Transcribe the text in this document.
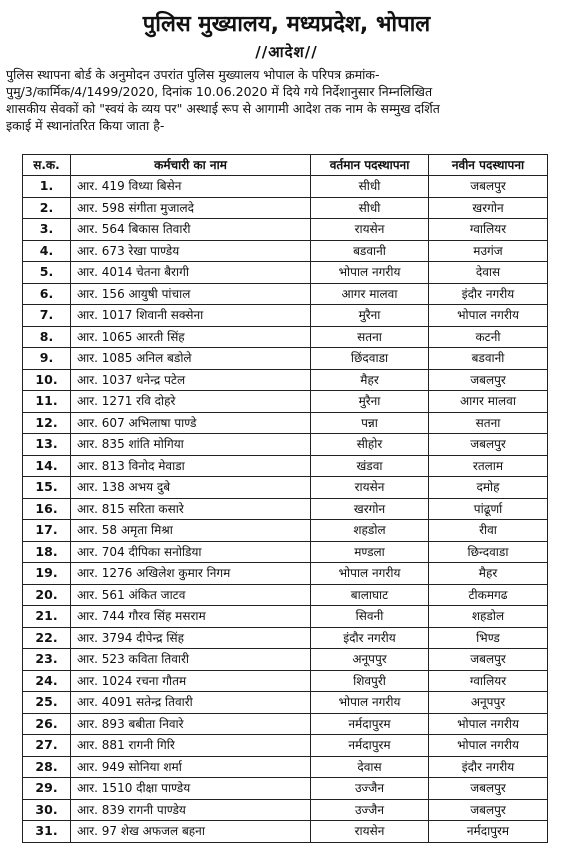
पुलिस मुख्यालय, मध्यप्रदेश, भोपाल
//आदेश//
पुलिस स्थापना बोर्ड के अनुमोदन उपरांत पुलिस मुख्यालय भोपाल के परिपत्र क्रमांक-
पुमु/3/कार्मिक/4/1499/2020, दिनांक 10.06.2020 में दिये गये निर्देशानुसार निम्नलिखित
शासकीय सेवकों को "स्वयं के व्यय पर" अस्थाई रूप से आगामी आदेश तक नाम के सम्मुख दर्शित
इकाई में स्थानांतरित किया जाता है-
स.क.	कर्मचारी का नाम	वर्तमान पदस्थापना	नवीन पदस्थापना
1.	आर. 419 विध्या बिसेन	सीधी	जबलपुर
2.	आर. 598 संगीता मुजालदे	सीधी	खरगोन
3.	आर. 564 बिकास तिवारी	रायसेन	ग्वालियर
4.	आर. 673 रेखा पाण्डेय	बडवानी	मउगंज
5.	आर. 4014 चेतना बैरागी	भोपाल नगरीय	देवास
6.	आर. 156 आयुषी पांचाल	आगर मालवा	इंदौर नगरीय
7.	आर. 1017 शिवानी सक्सेना	मुरैना	भोपाल नगरीय
8.	आर. 1065 आरती सिंह	सतना	कटनी
9.	आर. 1085 अनिल बडोले	छिंदवाडा	बडवानी
10.	आर. 1037 धनेन्द्र पटेल	मैहर	जबलपुर
11.	आर. 1271 रवि दोहरे	मुरैना	आगर मालवा
12.	आर. 607 अभिलाषा पाण्डे	पन्ना	सतना
13.	आर. 835 शांति मोगिया	सीहोर	जबलपुर
14.	आर. 813 विनोद मेवाडा	खंडवा	रतलाम
15.	आर. 138 अभय दुबे	रायसेन	दमोह
16.	आर. 815 सरिता कसारे	खरगोन	पांढूर्णा
17.	आर. 58 अमृता मिश्रा	शहडोल	रीवा
18.	आर. 704 दीपिका सनोडिया	मण्डला	छिन्दवाडा
19.	आर. 1276 अखिलेश कुमार निगम	भोपाल नगरीय	मैहर
20.	आर. 561 अंकित जाटव	बालाघाट	टीकमगढ
21.	आर. 744 गौरव सिंह मसराम	सिवनी	शहडोल
22.	आर. 3794 दीपेन्द्र सिंह	इंदौर नगरीय	भिण्ड
23.	आर. 523 कविता तिवारी	अनूपपुर	जबलपुर
24.	आर. 1024 रचना गौतम	शिवपुरी	ग्वालियर
25.	आर. 4091 सतेन्द्र तिवारी	भोपाल नगरीय	अनूपपुर
26.	आर. 893 बबीता निवारे	नर्मदापुरम	भोपाल नगरीय
27.	आर. 881 रागनी गिरि	नर्मदापुरम	भोपाल नगरीय
28.	आर. 949 सोनिया शर्मा	देवास	इंदौर नगरीय
29.	आर. 1510 दीक्षा पाण्डेय	उज्जैन	जबलपुर
30.	आर. 839 रागनी पाण्डेय	उज्जैन	जबलपुर
31.	आर. 97 शेख अफजल बहना	रायसेन	नर्मदापुरम
